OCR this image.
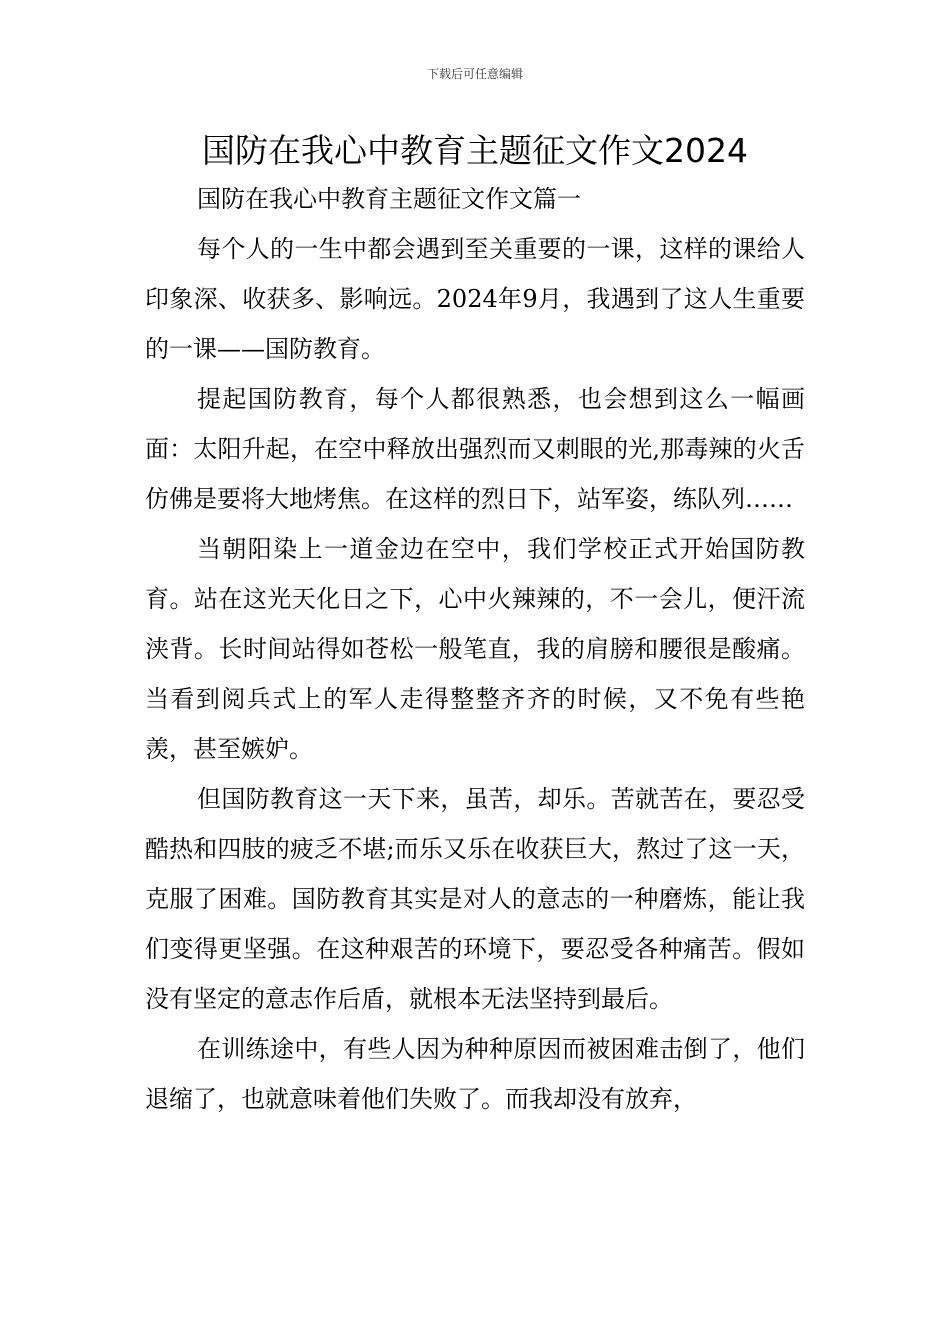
下载后可任意编辑
国防在我心中教育主题征文作文2024

国防在我心中教育主题征文作文篇一

每个人的一生中都会遇到至关重要的一课，这样的课给人印象深、收获多、影响远。2024年9月，我遇到了这人生重要的一课——国防教育。

提起国防教育，每个人都很熟悉，也会想到这么一幅画面：太阳升起，在空中释放出强烈而又刺眼的光,那毒辣的火舌仿佛是要将大地烤焦。在这样的烈日下，站军姿，练队列……

当朝阳染上一道金边在空中，我们学校正式开始国防教育。站在这光天化日之下，心中火辣辣的，不一会儿，便汗流浃背。长时间站得如苍松一般笔直，我的肩膀和腰很是酸痛。当看到阅兵式上的军人走得整整齐齐的时候，又不免有些艳羡，甚至嫉妒。

但国防教育这一天下来，虽苦，却乐。苦就苦在，要忍受酷热和四肢的疲乏不堪;而乐又乐在收获巨大，熬过了这一天，克服了困难。国防教育其实是对人的意志的一种磨炼，能让我们变得更坚强。在这种艰苦的环境下，要忍受各种痛苦。假如没有坚定的意志作后盾，就根本无法坚持到最后。

在训练途中，有些人因为种种原因而被困难击倒了，他们退缩了，也就意味着他们失败了。而我却没有放弃，
